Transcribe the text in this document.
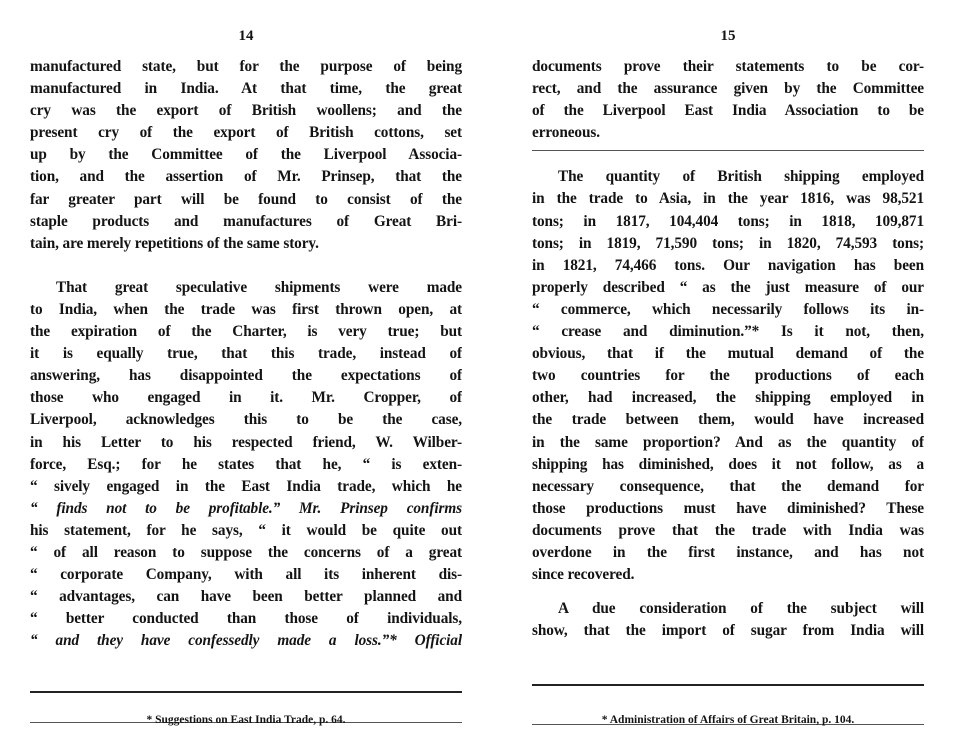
14

manufactured state, but for the purpose of being
manufactured in India. At that time, the great
cry was the export of British woollens; and the
present cry of the export of British cottons, set
up by the Committee of the Liverpool Associa-
tion, and the assertion of Mr. Prinsep, that the
far greater part will be found to consist of the
staple products and manufactures of Great Bri-
tain, are merely repetitions of the same story.

That great speculative shipments were made
to India, when the trade was first thrown open, at
the expiration of the Charter, is very true; but
it is equally true, that this trade, instead of
answering, has disappointed the expectations of
those who engaged in it. Mr. Cropper, of
Liverpool, acknowledges this to be the case,
in his Letter to his respected friend, W. Wilber-
force, Esq.; for he states that he, “ is exten-
“ sively engaged in the East India trade, which he
“ finds not to be profitable.” Mr. Prinsep confirms
his statement, for he says, “ it would be quite out
“ of all reason to suppose the concerns of a great
“ corporate Company, with all its inherent dis-
“ advantages, can have been better planned and
“ better conducted than those of individuals,
“ and they have confessedly made a loss.”* Official

* Suggestions on East India Trade, p. 64.
15

documents prove their statements to be cor-
rect, and the assurance given by the Committee
of the Liverpool East India Association to be
erroneous.

The quantity of British shipping employed
in the trade to Asia, in the year 1816, was 98,521
tons; in 1817, 104,404 tons; in 1818, 109,871
tons; in 1819, 71,590 tons; in 1820, 74,593 tons;
in 1821, 74,466 tons. Our navigation has been
properly described “ as the just measure of our
“ commerce, which necessarily follows its in-
“ crease and diminution.”* Is it not, then,
obvious, that if the mutual demand of the
two countries for the productions of each
other, had increased, the shipping employed in
the trade between them, would have increased
in the same proportion? And as the quantity of
shipping has diminished, does it not follow, as a
necessary consequence, that the demand for
those productions must have diminished? These
documents prove that the trade with India was
overdone in the first instance, and has not
since recovered.

A due consideration of the subject will
show, that the import of sugar from India will

* Administration of Affairs of Great Britain, p. 104.
